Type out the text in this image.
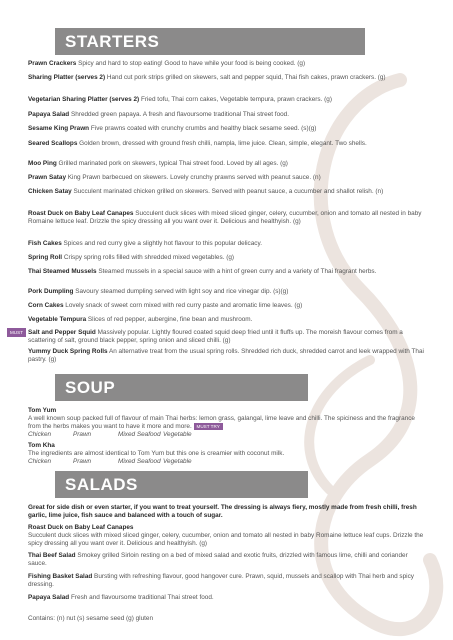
STARTERS
Prawn Crackers Spicy and hard to stop eating! Good to have while your food is being cooked. (g)
Sharing Platter (serves 2) Hand cut pork strips grilled on skewers, salt and pepper squid, Thai fish cakes, prawn crackers. (g)
Vegetarian Sharing Platter (serves 2) Fried tofu, Thai corn cakes, Vegetable tempura, prawn crackers. (g)
Papaya Salad Shredded green papaya. A fresh and flavoursome traditional Thai street food.
Sesame King Prawn Five prawns coated with crunchy crumbs and healthy black sesame seed. (s)(g)
Seared Scallops Golden brown, dressed with ground fresh chilli, namplа, lime juice. Clean, simple, elegant. Two shells.
Moo Ping Grilled marinated pork on skewers, typical Thai street food. Loved by all ages. (g)
Prawn Satay King Prawn barbecued on skewers. Lovely crunchy prawns served with peanut sauce. (n)
Chicken Satay Succulent marinated chicken grilled on skewers. Served with peanut sauce, a cucumber and shallot relish. (n)
Roast Duck on Baby Leaf Canapes Succulent duck slices with mixed sliced ginger, celery, cucumber, onion and tomato all nested in baby Romaine lettuce leaf. Drizzle the spicy dressing all you want over it. Delicious and healthyish. (g)
Fish Cakes Spices and red curry give a slightly hot flavour to this popular delicacy.
Spring Roll Crispy spring rolls filled with shredded mixed vegetables. (g)
Thai Steamed Mussels Steamed mussels in a special sauce with a hint of green curry and a variety of Thai fragrant herbs.
Pork Dumpling Savoury steamed dumpling served with light soy and rice vinegar dip. (s)(g)
Corn Cakes Lovely snack of sweet corn mixed with red curry paste and aromatic lime leaves. (g)
Vegetable Tempura Slices of red pepper, aubergine, fine bean and mushroom.
MUST TRY
Salt and Pepper Squid Massively popular. Lightly floured coated squid deep fried until it fluffs up. The moreish flavour comes from a scattering of salt, ground black pepper, spring onion and sliced chilli. (g)
Yummy Duck Spring Rolls An alternative treat from the usual spring rolls. Shredded rich duck, shredded carrot and leek wrapped with Thai pastry. (g)
SOUP
Tom Yum
A well known soup packed full of flavour of main Thai herbs: lemon grass, galangal, lime leave and chilli. The spiciness and the fragrance from the herbs makes you want to have it more and more. MUST TRY
Chicken	Prawn	Mixed Seafood Vegetable
Tom Kha
The ingredients are almost identical to Tom Yum but this one is creamier with coconut milk.
Chicken	Prawn	Mixed Seafood Vegetable
SALADS
Great for side dish or even starter, if you want to treat yourself. The dressing is always fiery, mostly made from fresh chilli, fresh garlic, lime juice, fish sauce and balanced with a touch of sugar.
Roast Duck on Baby Leaf Canapes
Succulent duck slices with mixed sliced ginger, celery, cucumber, onion and tomato all nested in baby Romaine lettuce leaf cups. Drizzle the spicy dressing all you want over it. Delicious and healthyish. (g)
Thai Beef Salad Smokey grilled Sirloin resting on a bed of mixed salad and exotic fruits, drizzled with famous lime, chilli and coriander sauce.
Fishing Basket Salad Bursting with refreshing flavour, good hangover cure. Prawn, squid, mussels and scallop with Thai herb and spicy dressing.
Papaya Salad Fresh and flavoursome traditional Thai street food.
Contains: (n) nut (s) sesame seed (g) gluten
